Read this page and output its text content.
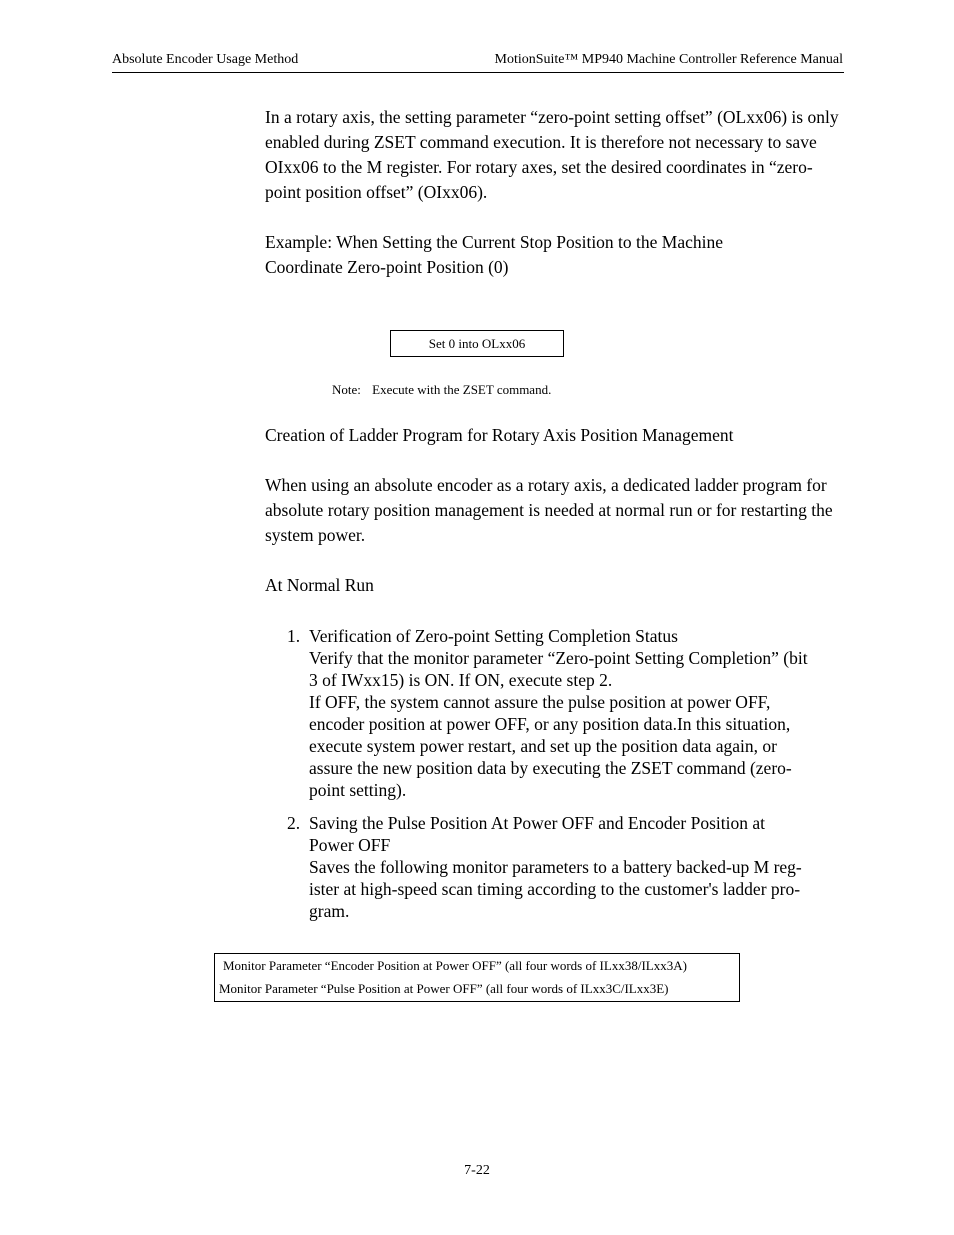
Absolute Encoder Usage Method	MotionSuite™ MP940 Machine Controller Reference Manual

In a rotary axis, the setting parameter “zero-point setting offset” (OLxx06) is only enabled during ZSET command execution. It is therefore not necessary to save OIxx06 to the M register. For rotary axes, set the desired coordinates in “zero-point position offset” (OIxx06).

Example: When Setting the Current Stop Position to the Machine Coordinate Zero-point Position (0)

Set 0 into OLxx06
Note: Execute with the ZSET command.

Creation of Ladder Program for Rotary Axis Position Management

When using an absolute encoder as a rotary axis, a dedicated ladder program for absolute rotary position management is needed at normal run or for restarting the system power.

At Normal Run

1. Verification of Zero-point Setting Completion Status
Verify that the monitor parameter “Zero-point Setting Completion” (bit
3 of IWxx15) is ON. If ON, execute step 2.
If OFF, the system cannot assure the pulse position at power OFF,
encoder position at power OFF, or any position data.In this situation,
execute system power restart, and set up the position data again, or
assure the new position data by executing the ZSET command (zero-
point setting).
2. Saving the Pulse Position At Power OFF and Encoder Position at
Power OFF
Saves the following monitor parameters to a battery backed-up M reg-
ister at high-speed scan timing according to the customer's ladder pro-
gram.
Monitor Parameter “Encoder Position at Power OFF” (all four words of ILxx38/ILxx3A)
Monitor Parameter “Pulse Position at Power OFF” (all four words of ILxx3C/ILxx3E)
7-22
